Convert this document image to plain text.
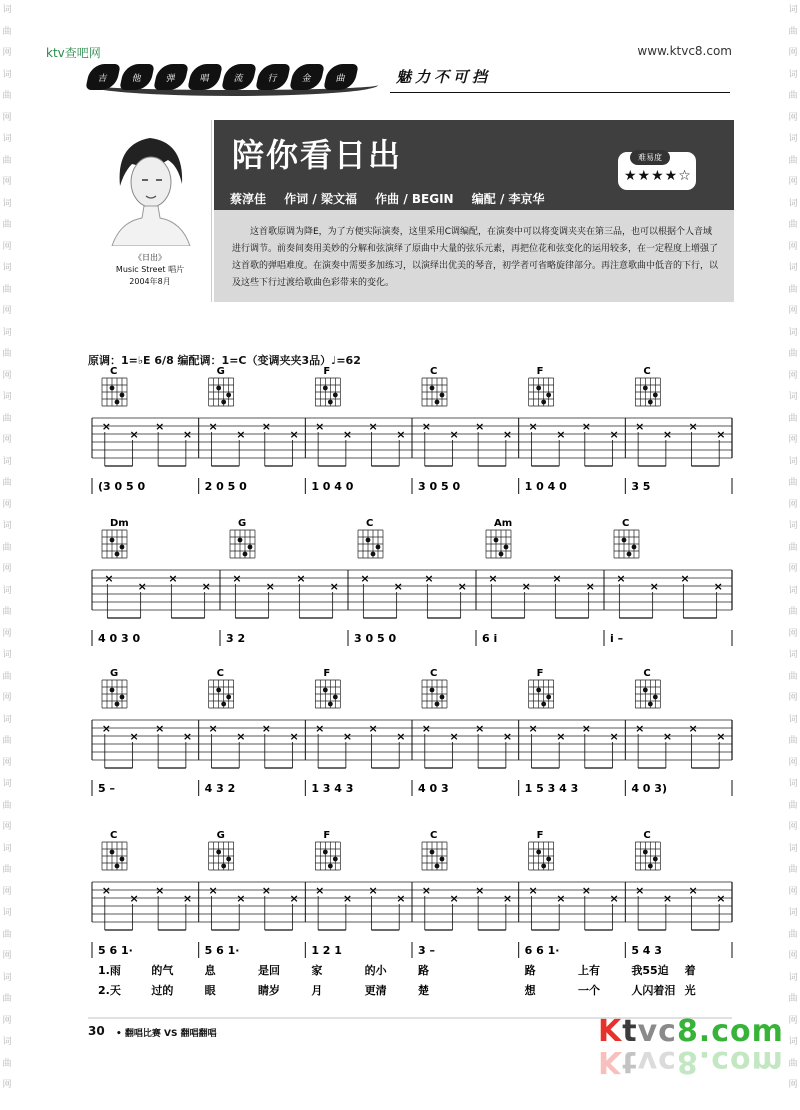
词
曲
网
词
曲
网
词
曲
网
词
曲
网
词
曲
网
词
曲
网
词
曲
网
词
曲
网
词
曲
网
词
曲
网
词
曲
网
词
曲
网
词
曲
网
词
曲
网
词
曲
网
词
曲
网
词
曲
网
词
曲
网
词
曲
网
词
曲
网
词
曲
网
词
曲
网
词
曲
网
词
曲
网
词
曲
网
词
曲
网
词
曲
网
词
曲
网
词
曲
网
词
曲
网
词
曲
网
词
曲
网
词
曲
网
词
曲
网
ktv查吧网	www.ktvc8.com
吉	他	弹	唱	流	行	金	曲	魅力不可挡
《日出》
Music Street 唱片
2004年8月
陪你看日出	难易度
★★★★☆
蔡淳佳 作词 / 梁文福 作曲 / BEGIN 编配 / 李京华
这首歌原调为降E，为了方便实际演奏，这里采用C调编配，在演奏中可以将变调夹夹在第三品，也可以根据个人音域进行调节。前奏间奏用美妙的分解和弦演绎了原曲中大量的弦乐元素，再把位花和弦变化的运用较多，在一定程度上增强了这首歌的弹唱难度。在演奏中需要多加练习，以演绎出优美的琴音，初学者可省略旋律部分。再注意歌曲中低音的下行，以及这些下行过渡给歌曲色彩带来的变化。
原调：1=♭E 6/8 编配调：1=C（变调夹夹3品）♩=62
C
×
×
×
×
(3 0 5 0
G
×
×
×
×
2 0 5 0
F
×
×
×
×
1 0 4 0
C
×
×
×
×
3 0 5 0
F
×
×
×
×
1 0 4 0
C
×
×
×
×
3 5
Dm
×
×
×
×
4 0 3 0
G
×
×
×
×
3 2
C
×
×
×
×
3 0 5 0
Am
×
×
×
×
6 i
C
×
×
×
×
i –
G
×
×
×
×
5 –
C
×
×
×
×
4 3 2
F
×
×
×
×
1 3 4 3
C
×
×
×
×
4 0 3
F
×
×
×
×
1 5 3 4 3
C
×
×
×
×
4 0 3)
C
×
×
×
×
5 6 1·
G
×
×
×
×
5 6 1·
F
×
×
×
×
1 2 1
C
×
×
×
×
3 –
F
×
×
×
×
6 6 1·
C
×
×
×
×
5 4 3
1.雨	的气	息	是回	家	的小	路	路	上有	我55迫 着
2.天	过的	眼	睛岁	月	更清	楚	想	一个	人闪着泪 光
30 • 翻唱比赛 VS 翻唱翻唱	Ktvc8.com
Ktvc8.com
